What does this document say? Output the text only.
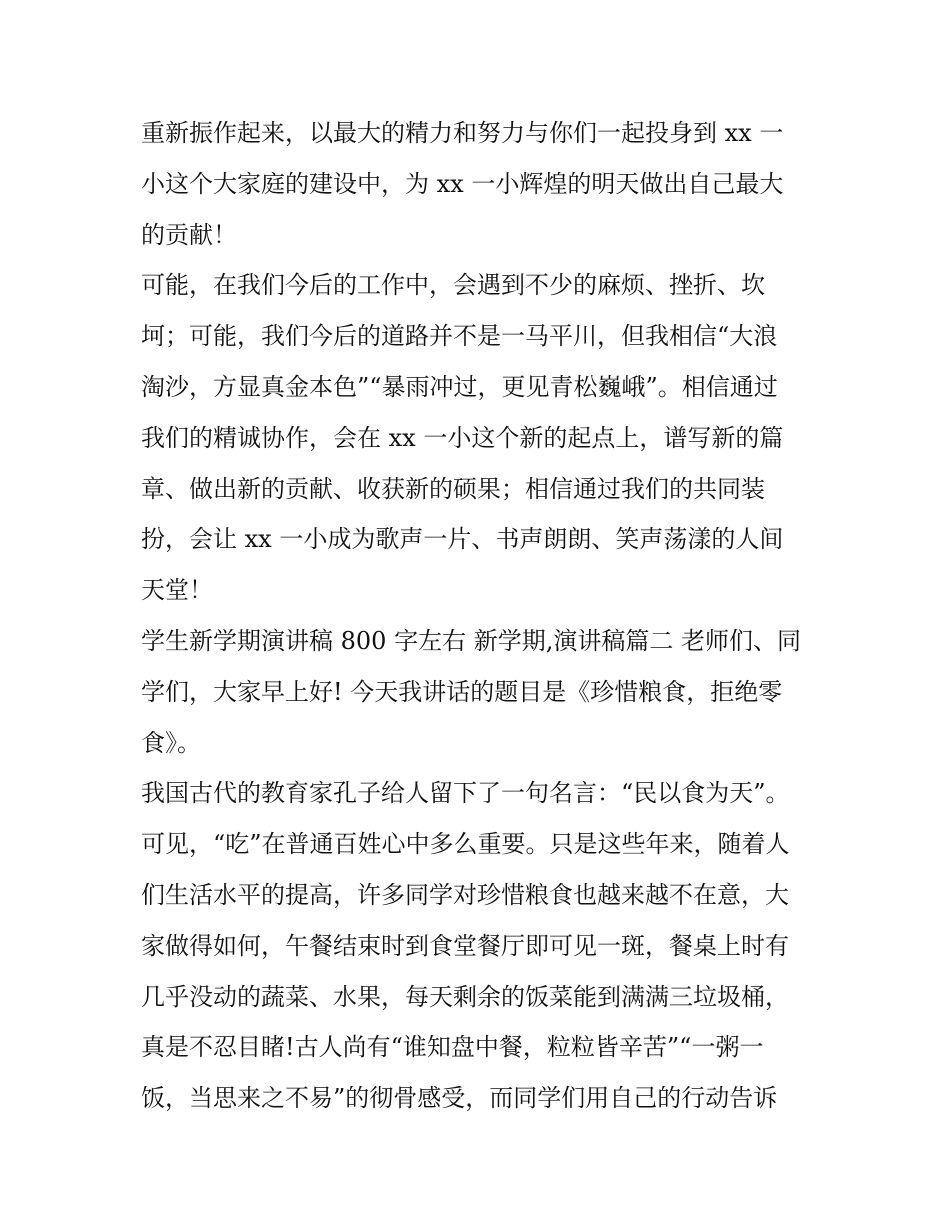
重新振作起来，以最大的精力和努力与你们一起投身到 xx 一
小这个大家庭的建设中，为 xx 一小辉煌的明天做出自己最大
的贡献！
可能，在我们今后的工作中，会遇到不少的麻烦、挫折、坎
坷；可能，我们今后的道路并不是一马平川，但我相信“大浪
淘沙，方显真金本色”“暴雨冲过，更见青松巍峨”。相信通过
我们的精诚协作，会在 xx 一小这个新的起点上，谱写新的篇
章、做出新的贡献、收获新的硕果；相信通过我们的共同装
扮，会让 xx 一小成为歌声一片、书声朗朗、笑声荡漾的人间
天堂！
学生新学期演讲稿 800 字左右 新学期,演讲稿篇二 老师们、同
学们，大家早上好! 今天我讲话的题目是《珍惜粮食，拒绝零
食》。
我国古代的教育家孔子给人留下了一句名言：“民以食为天”。
可见，“吃”在普通百姓心中多么重要。只是这些年来，随着人
们生活水平的提高，许多同学对珍惜粮食也越来越不在意，大
家做得如何，午餐结束时到食堂餐厅即可见一斑，餐桌上时有
几乎没动的蔬菜、水果，每天剩余的饭菜能到满满三垃圾桶，
真是不忍目睹!古人尚有“谁知盘中餐，粒粒皆辛苦”“一粥一
饭，当思来之不易”的彻骨感受，而同学们用自己的行动告诉
